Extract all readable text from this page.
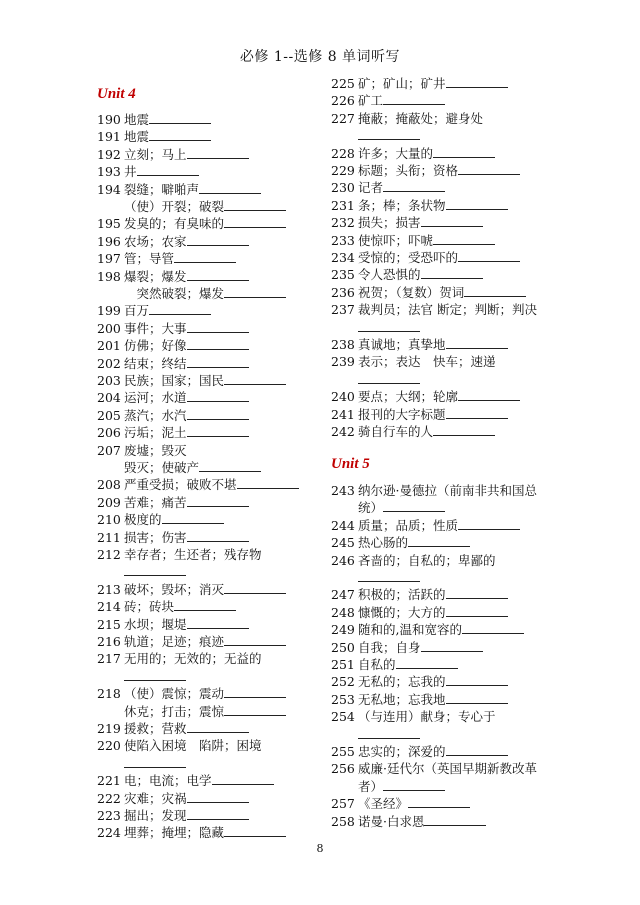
必修 1--选修 8 单词听写
Unit 4
190 地震
191 地震
192 立刻；马上
193 井
194 裂缝；噼啪声
（使）开裂；破裂
195 发臭的；有臭味的
196 农场；农家
197 管；导管
198 爆裂；爆发
　突然破裂；爆发
199 百万
200 事件；大事
201 仿佛；好像
202 结束；终结
203 民族；国家；国民
204 运河；水道
205 蒸汽；水汽
206 污垢；泥土
207 废墟；毁灭
毁灭；使破产
208 严重受损；破败不堪
209 苦难；痛苦
210 极度的
211 损害；伤害
212 幸存者；生还者；残存物
213 破坏；毁坏；消灭
214 砖；砖块
215 水坝；堰堤
216 轨道；足迹；痕迹
217 无用的；无效的；无益的
218 （使）震惊；震动
休克；打击；震惊
219 援救；营救
220 使陷入困境　陷阱；困境
221 电；电流；电学
222 灾难；灾祸
223 掘出；发现
224 埋葬；掩埋；隐藏
225 矿；矿山；矿井
226 矿工
227 掩蔽；掩蔽处；避身处
228 许多；大量的
229 标题；头衔；资格
230 记者
231 条；棒；条状物
232 损失；损害
233 使惊吓；吓唬
234 受惊的；受恐吓的
235 令人恐惧的
236 祝贺；（复数）贺词
237 裁判员；法官 断定；判断；判决
238 真诚地；真挚地
239 表示；表达　快车；速递
240 要点；大纲；轮廓
241 报刊的大字标题
242 骑自行车的人
Unit 5
243 纳尔逊·曼德拉（前南非共和国总
统）
244 质量；品质；性质
245 热心肠的
246 吝啬的；自私的；卑鄙的
247 积极的；活跃的
248 慷慨的；大方的
249 随和的,温和宽容的
250 自我；自身
251 自私的
252 无私的；忘我的
253 无私地；忘我地
254 （与连用）献身；专心于
255 忠实的；深爱的
256 威廉·廷代尔（英国早期新教改革
者）
257 《圣经》
258 诺曼·白求恩
8
